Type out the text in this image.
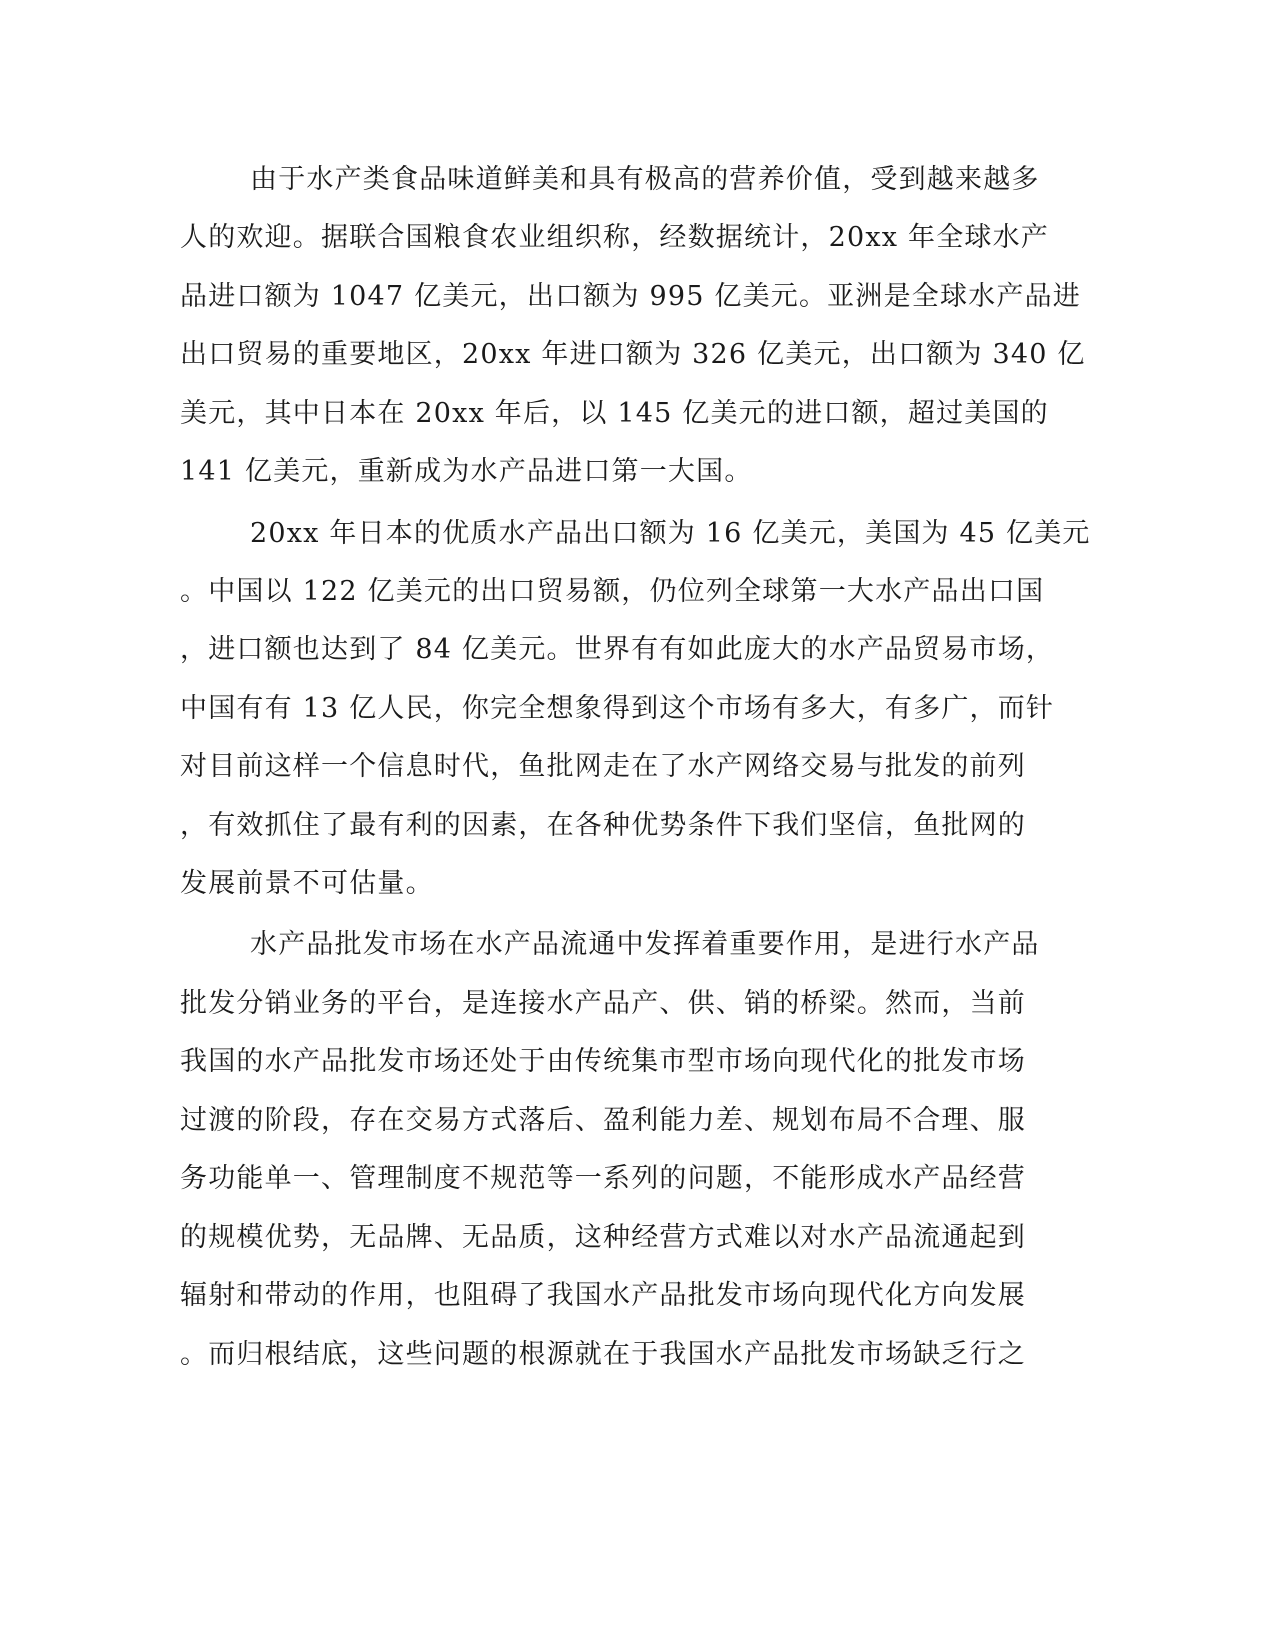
由于水产类食品味道鲜美和具有极高的营养价值，受到越来越多
人的欢迎。据联合国粮食农业组织称，经数据统计，20xx 年全球水产
品进口额为 1047 亿美元，出口额为 995 亿美元。亚洲是全球水产品进
出口贸易的重要地区，20xx 年进口额为 326 亿美元，出口额为 340 亿
美元，其中日本在 20xx 年后，以 145 亿美元的进口额，超过美国的
141 亿美元，重新成为水产品进口第一大国。
20xx 年日本的优质水产品出口额为 16 亿美元，美国为 45 亿美元
。中国以 122 亿美元的出口贸易额，仍位列全球第一大水产品出口国
，进口额也达到了 84 亿美元。世界有有如此庞大的水产品贸易市场，
中国有有 13 亿人民，你完全想象得到这个市场有多大，有多广，而针
对目前这样一个信息时代，鱼批网走在了水产网络交易与批发的前列
，有效抓住了最有利的因素，在各种优势条件下我们坚信，鱼批网的
发展前景不可估量。
水产品批发市场在水产品流通中发挥着重要作用，是进行水产品
批发分销业务的平台，是连接水产品产、供、销的桥梁。然而，当前
我国的水产品批发市场还处于由传统集市型市场向现代化的批发市场
过渡的阶段，存在交易方式落后、盈利能力差、规划布局不合理、服
务功能单一、管理制度不规范等一系列的问题，不能形成水产品经营
的规模优势，无品牌、无品质，这种经营方式难以对水产品流通起到
辐射和带动的作用，也阻碍了我国水产品批发市场向现代化方向发展
。而归根结底，这些问题的根源就在于我国水产品批发市场缺乏行之
